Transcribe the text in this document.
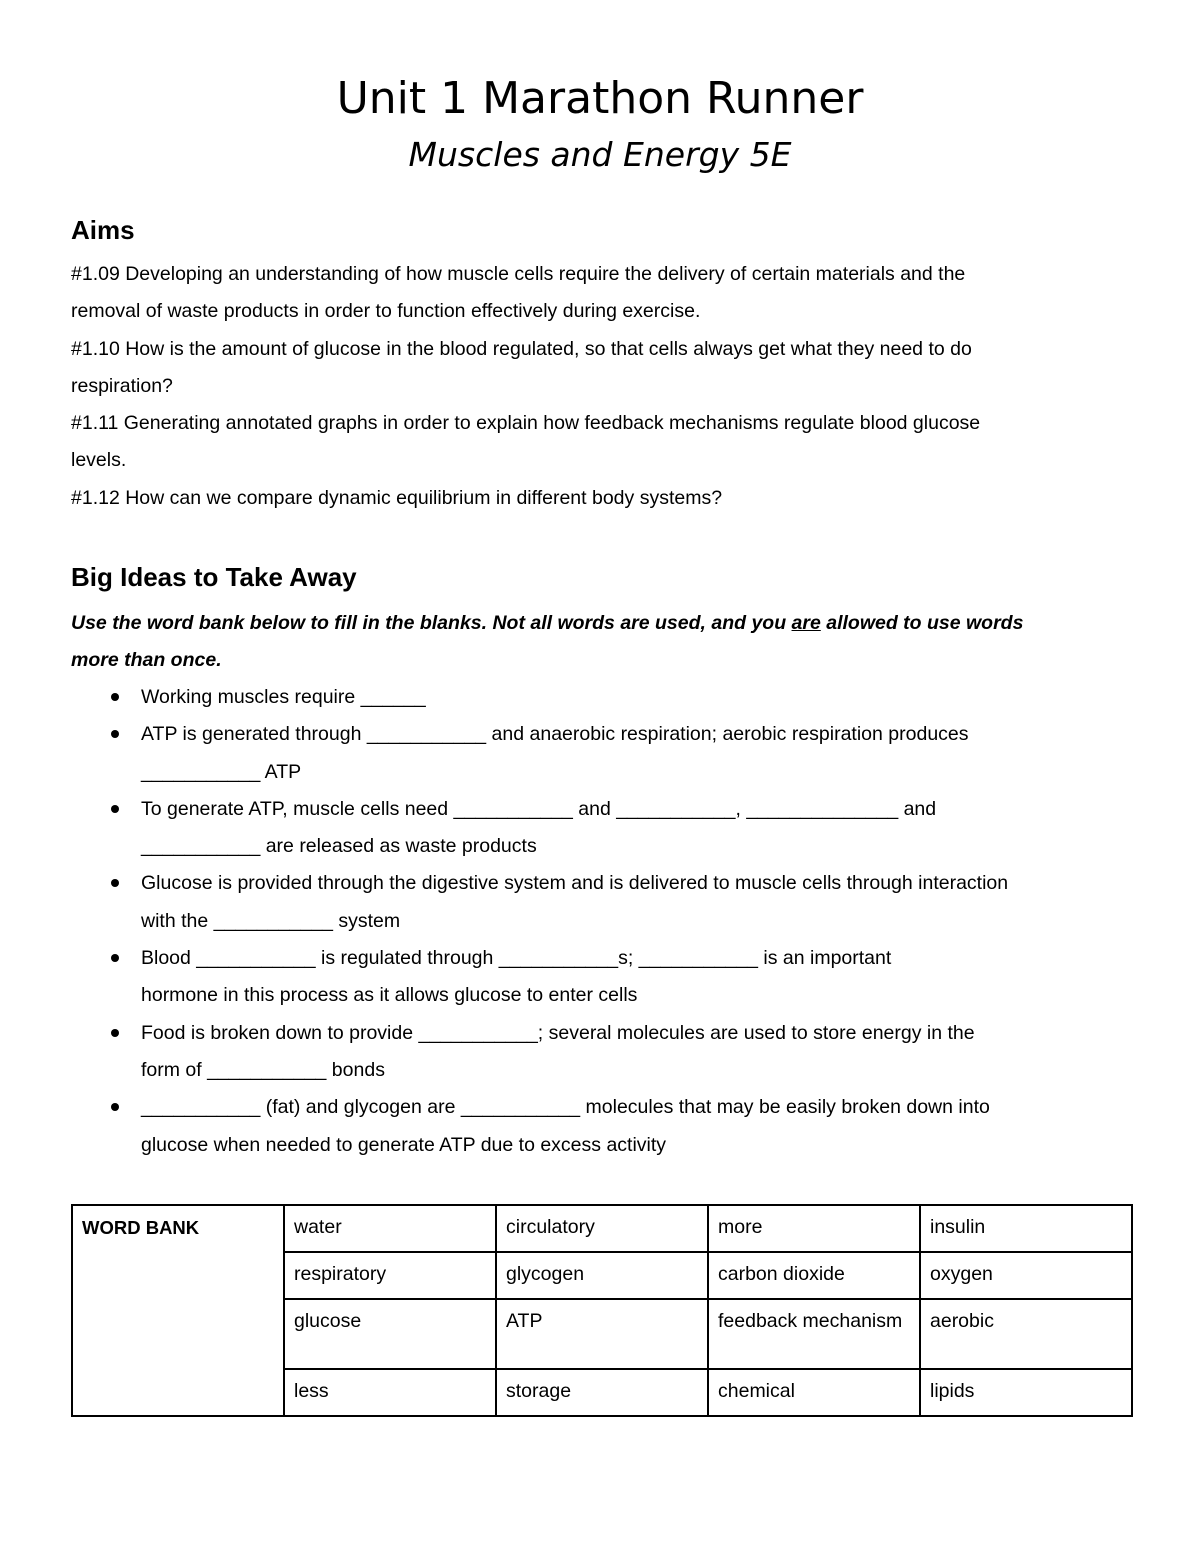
Unit 1 Marathon Runner
Muscles and Energy 5E
Aims
#1.09 Developing an understanding of how muscle cells require the delivery of certain materials and the
removal of waste products in order to function effectively during exercise.
#1.10 How is the amount of glucose in the blood regulated, so that cells always get what they need to do
respiration?
#1.11 Generating annotated graphs in order to explain how feedback mechanisms regulate blood glucose
levels.
#1.12 How can we compare dynamic equilibrium in different body systems?
Big Ideas to Take Away
Use the word bank below to fill in the blanks. Not all words are used, and you are allowed to use words
more than once.
Working muscles require ______
ATP is generated through ___________ and anaerobic respiration; aerobic respiration produces
___________ ATP
To generate ATP, muscle cells need ___________ and ___________, ______________ and
___________ are released as waste products
Glucose is provided through the digestive system and is delivered to muscle cells through interaction
with the ___________ system
Blood ___________ is regulated through ___________s; ___________ is an important
hormone in this process as it allows glucose to enter cells
Food is broken down to provide ___________; several molecules are used to store energy in the
form of ___________ bonds
___________ (fat) and glycogen are ___________ molecules that may be easily broken down into
glucose when needed to generate ATP due to excess activity
WORD BANK	water	circulatory	more	insulin
	respiratory	glycogen	carbon dioxide	oxygen
	glucose	ATP	feedback mechanism	aerobic
	less	storage	chemical	lipids
